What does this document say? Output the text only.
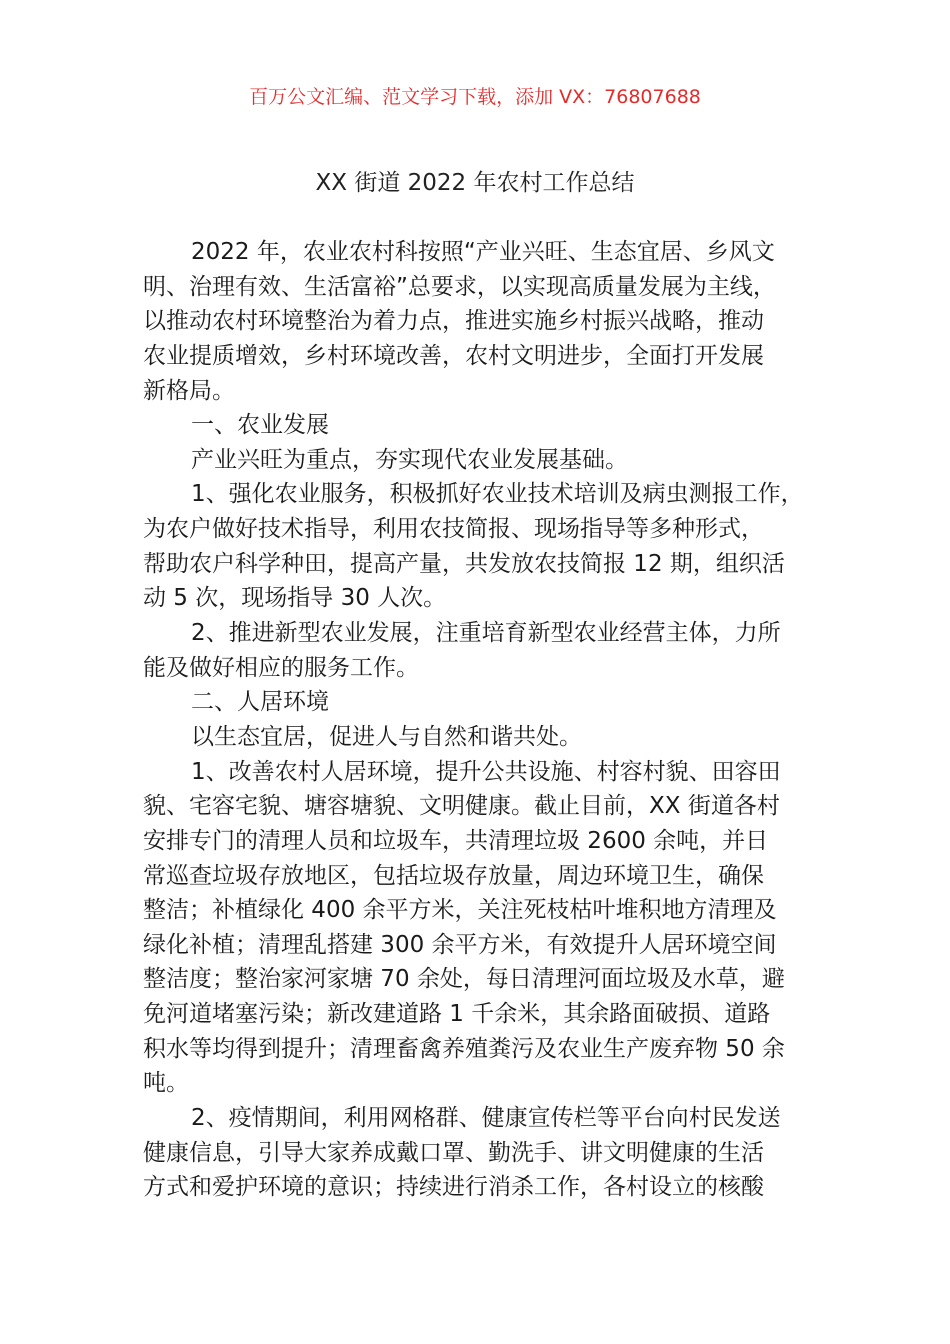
百万公文汇编、范文学习下载，添加 VX：76807688
XX 街道 2022 年农村工作总结
2022 年，农业农村科按照“产业兴旺、生态宜居、乡风文
明、治理有效、生活富裕”总要求，以实现高质量发展为主线，
以推动农村环境整治为着力点，推进实施乡村振兴战略，推动
农业提质增效，乡村环境改善，农村文明进步，全面打开发展
新格局。
一、农业发展
产业兴旺为重点，夯实现代农业发展基础。
1、强化农业服务，积极抓好农业技术培训及病虫测报工作，
为农户做好技术指导，利用农技简报、现场指导等多种形式，
帮助农户科学种田，提高产量，共发放农技简报 12 期，组织活
动 5 次，现场指导 30 人次。
2、推进新型农业发展，注重培育新型农业经营主体，力所
能及做好相应的服务工作。
二、人居环境
以生态宜居，促进人与自然和谐共处。
1、改善农村人居环境，提升公共设施、村容村貌、田容田
貌、宅容宅貌、塘容塘貌、文明健康。截止目前，XX 街道各村
安排专门的清理人员和垃圾车，共清理垃圾 2600 余吨，并日
常巡查垃圾存放地区，包括垃圾存放量，周边环境卫生，确保
整洁；补植绿化 400 余平方米，关注死枝枯叶堆积地方清理及
绿化补植；清理乱搭建 300 余平方米，有效提升人居环境空间
整洁度；整治家河家塘 70 余处，每日清理河面垃圾及水草，避
免河道堵塞污染；新改建道路 1 千余米，其余路面破损、道路
积水等均得到提升；清理畜禽养殖粪污及农业生产废弃物 50 余
吨。
2、疫情期间，利用网格群、健康宣传栏等平台向村民发送
健康信息，引导大家养成戴口罩、勤洗手、讲文明健康的生活
方式和爱护环境的意识；持续进行消杀工作，各村设立的核酸
